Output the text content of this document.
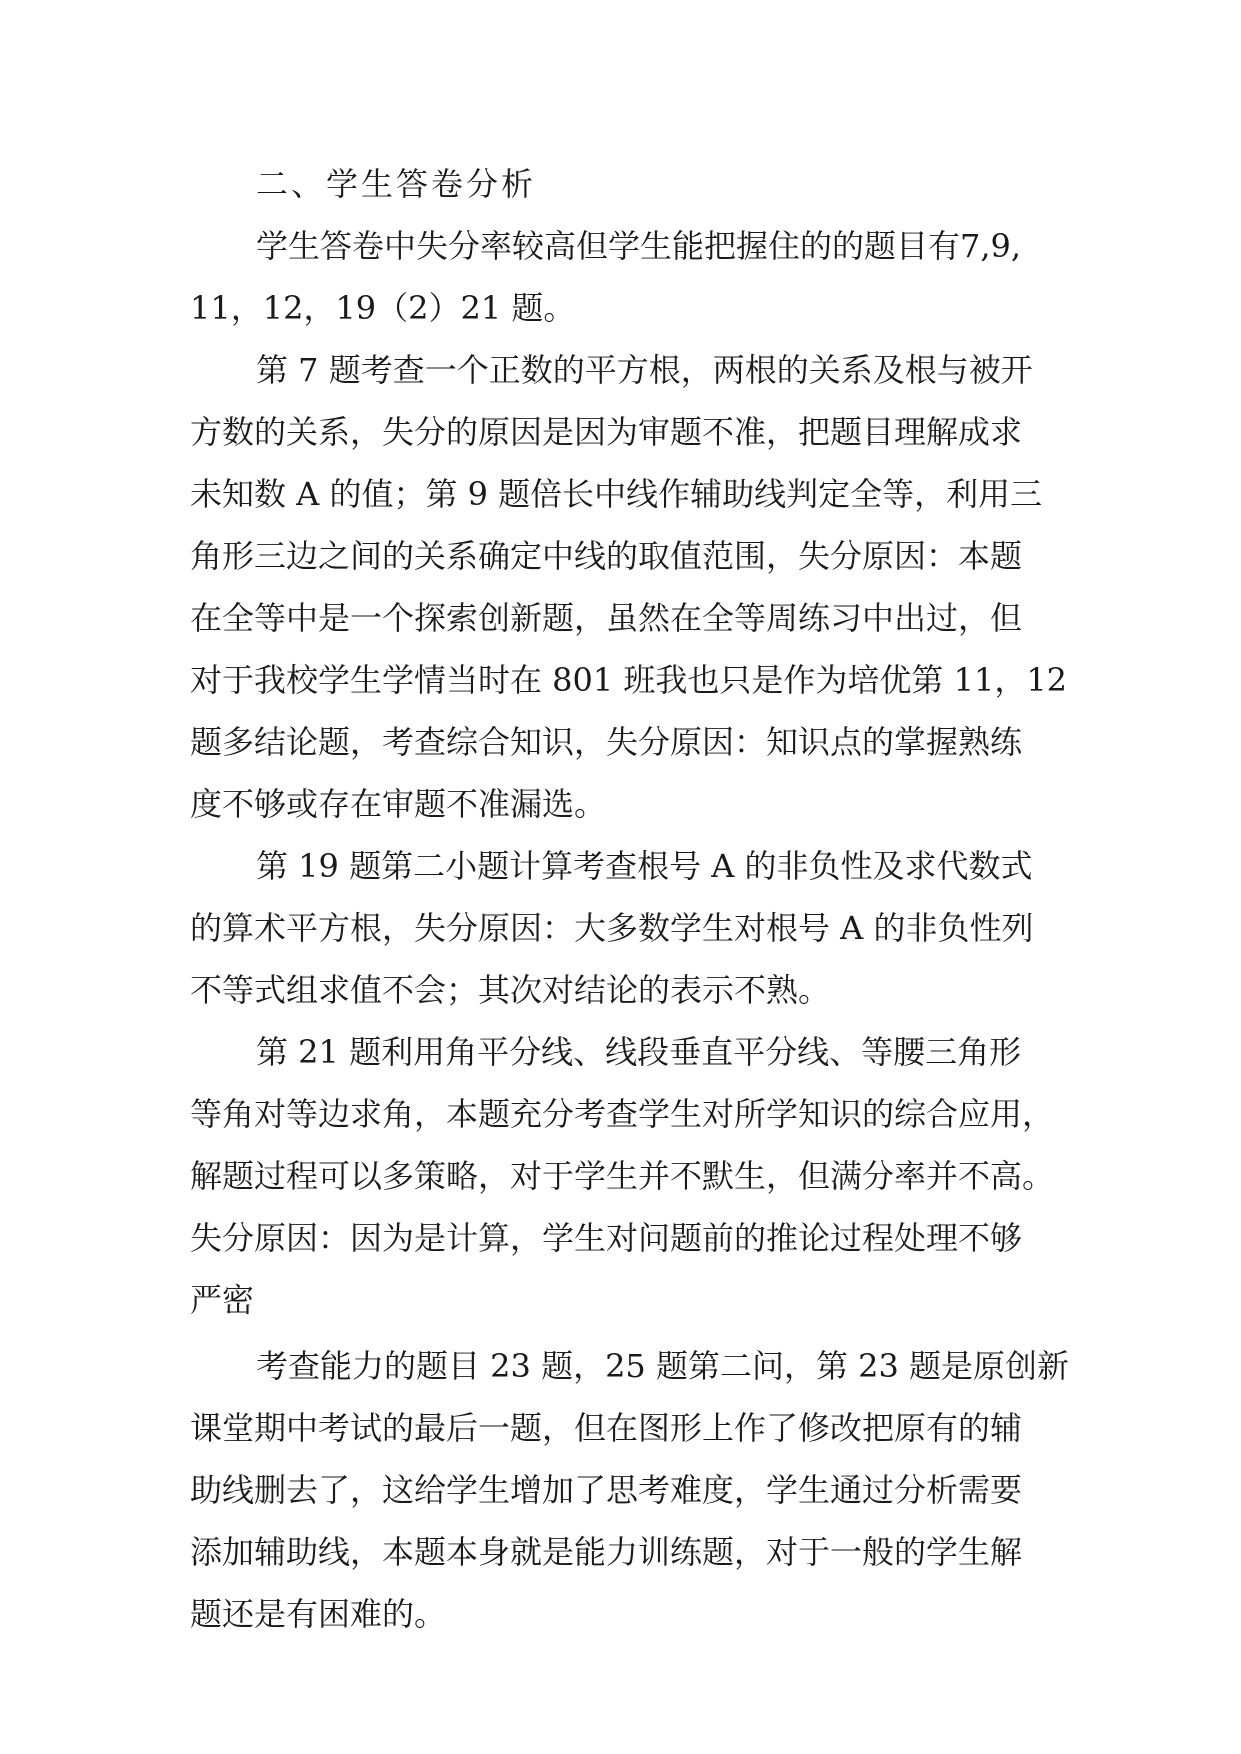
二、学生答卷分析
学生答卷中失分率较高但学生能把握住的的题目有7,9,
11，12，19（2）21 题。
第 7 题考查一个正数的平方根，两根的关系及根与被开
方数的关系，失分的原因是因为审题不准，把题目理解成求
未知数 A 的值；第 9 题倍长中线作辅助线判定全等，利用三
角形三边之间的关系确定中线的取值范围，失分原因：本题
在全等中是一个探索创新题，虽然在全等周练习中出过，但
对于我校学生学情当时在 801 班我也只是作为培优第 11，12
题多结论题，考查综合知识，失分原因：知识点的掌握熟练
度不够或存在审题不准漏选。
第 19 题第二小题计算考查根号 A 的非负性及求代数式
的算术平方根，失分原因：大多数学生对根号 A 的非负性列
不等式组求值不会；其次对结论的表示不熟。
第 21 题利用角平分线、线段垂直平分线、等腰三角形
等角对等边求角，本题充分考查学生对所学知识的综合应用，
解题过程可以多策略，对于学生并不默生，但满分率并不高。
失分原因：因为是计算，学生对问题前的推论过程处理不够
严密
考查能力的题目 23 题，25 题第二问，第 23 题是原创新
课堂期中考试的最后一题，但在图形上作了修改把原有的辅
助线删去了，这给学生增加了思考难度，学生通过分析需要
添加辅助线，本题本身就是能力训练题，对于一般的学生解
题还是有困难的。
